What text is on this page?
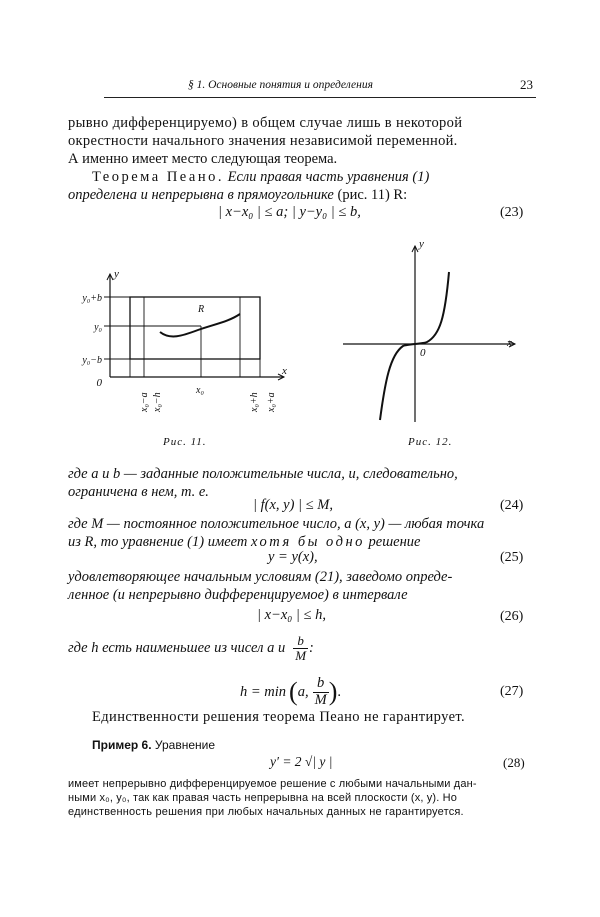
§ 1. Основные понятия и определения	23
рывно дифференцируемо) в общем случае лишь в некоторой
окрестности начального значения независимой переменной.
А именно имеет место следующая теорема.
Теорема Пеано. Если правая часть уравнения (1)
определена и непрерывна в прямоугольнике (рис. 11) R:
| x−x₀ | ≤ a; | y−y₀ | ≤ b,	(23)
y
x
0
y₀+b
y₀
y₀−b
x₀
R
x₀−a x₀−h	x₀+h x₀+a
Рис. 11.
y
x
0
Рис. 12.
где a и b — заданные положительные числа, и, следовательно,
ограничена в нем, т. е.
| f(x, y) | ≤ M,	(24)
где M — постоянное положительное число, a (x, y) — любая точка
из R, то уравнение (1) имеет хотя бы одно решение
y = y(x),	(25)
удовлетворяющее начальным условиям (21), заведомо опреде-
ленное (и непрерывно дифференцируемое) в интервале
| x−x₀ | ≤ h,	(26)
где h есть наименьшее из чисел a и $\frac{b}{M}$ :
h = min ( a, $\frac{b}{M}$ ) .	(27)
Единственности решения теорема Пеано не гарантирует.
Пример 6. Уравнение
y′ = 2 √| y |	(28)
имеет непрерывно дифференцируемое решение с любыми начальными дан-
ными x₀, y₀, так как правая часть непрерывна на всей плоскости (x, y). Но
единственность решения при любых начальных данных не гарантируется.
